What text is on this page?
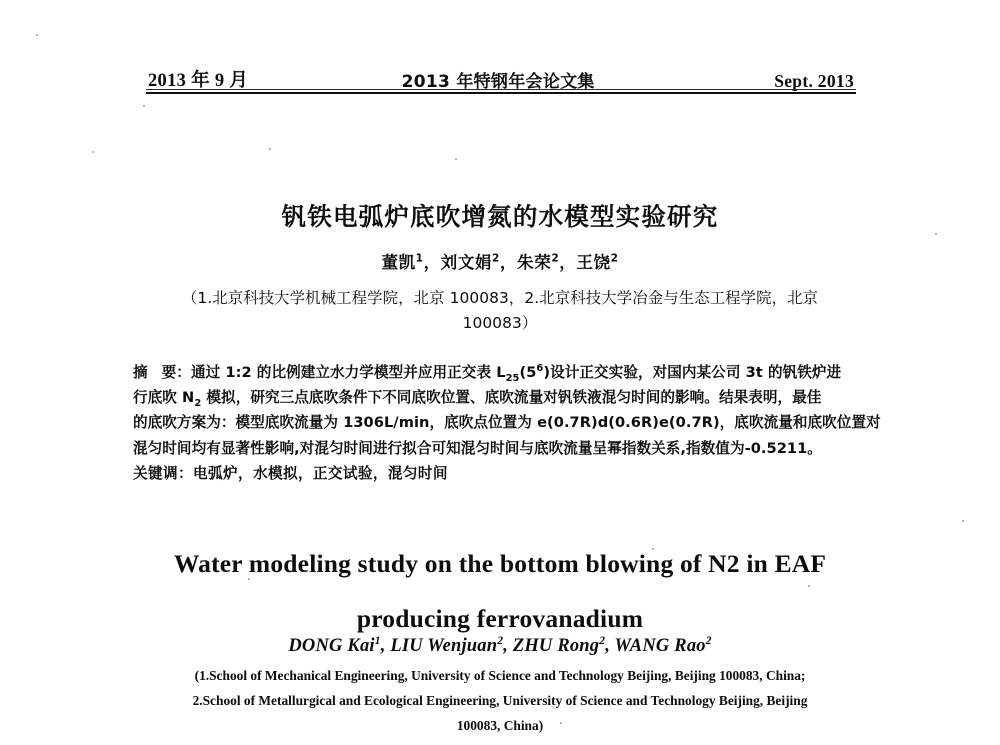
2013 年 9 月	2013 年特钢年会论文集	Sept. 2013
钒铁电弧炉底吹增氮的水模型实验研究
董凯$^1$，刘文娟$^2$，朱荣$^2$，王饶$^2$
（1.北京科技大学机械工程学院，北京 100083，2.北京科技大学冶金与生态工程学院，北京
100083）
摘 要：通过 1:2 的比例建立水力学模型并应用正交表 $L_{25}(5^6)$设计正交实验，对国内某公司 3t 的钒铁炉进
行底吹 $N_2$ 模拟，研究三点底吹条件下不同底吹位置、底吹流量对钒铁液混匀时间的影响。结果表明，最佳
的底吹方案为：模型底吹流量为 1306L/min，底吹点位置为 e(0.7R)d(0.6R)e(0.7R)，底吹流量和底吹位置对
混匀时间均有显著性影响,对混匀时间进行拟合可知混匀时间与底吹流量呈幂指数关系,指数值为-0.5211。
关键调：电弧炉，水模拟，正交试验，混匀时间
Water modeling study on the bottom blowing of N2 in EAF
producing ferrovanadium
DONG Kai$^1$, LIU Wenjuan$^2$, ZHU Rong$^2$, WANG Rao$^2$
(1.School of Mechanical Engineering, University of Science and Technology Beijing, Beijing 100083, China;
2.School of Metallurgical and Ecological Engineering, University of Science and Technology Beijing, Beijing
100083, China)
